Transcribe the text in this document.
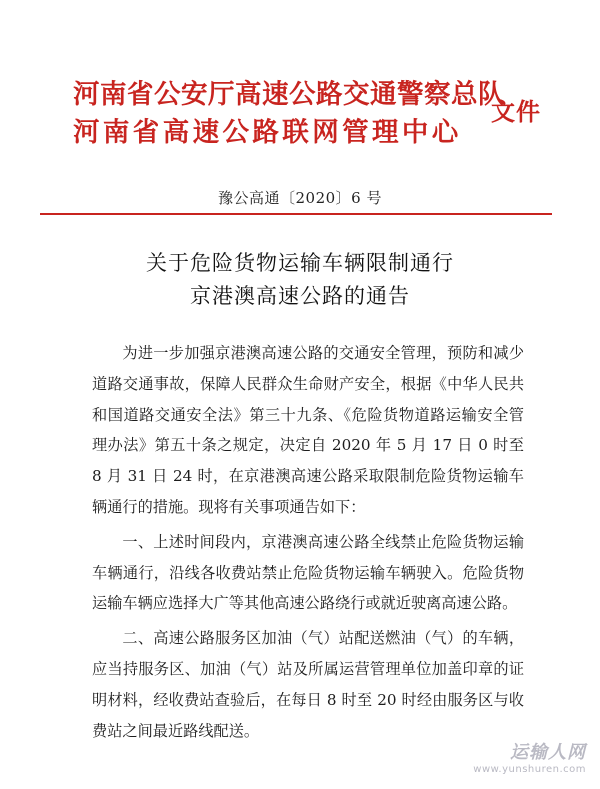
河南省公安厅高速公路交通警察总队
河南省高速公路联网管理中心
文件
豫公高通〔2020〕6 号
关于危险货物运输车辆限制通行
京港澳高速公路的通告

为进一步加强京港澳高速公路的交通安全管理，预防和减少道路交通事故，保障人民群众生命财产安全，根据《中华人民共和国道路交通安全法》第三十九条、《危险货物道路运输安全管理办法》第五十条之规定，决定自 2020 年 5 月 17 日 0 时至 8 月 31 日 24 时，在京港澳高速公路采取限制危险货物运输车辆通行的措施。现将有关事项通告如下：

一、上述时间段内，京港澳高速公路全线禁止危险货物运输车辆通行，沿线各收费站禁止危险货物运输车辆驶入。危险货物运输车辆应选择大广等其他高速公路绕行或就近驶离高速公路。

二、高速公路服务区加油（气）站配送燃油（气）的车辆，应当持服务区、加油（气）站及所属运营管理单位加盖印章的证明材料，经收费站查验后，在每日 8 时至 20 时经由服务区与收费站之间最近路线配送。

运输人网
www.yunshuren.com
